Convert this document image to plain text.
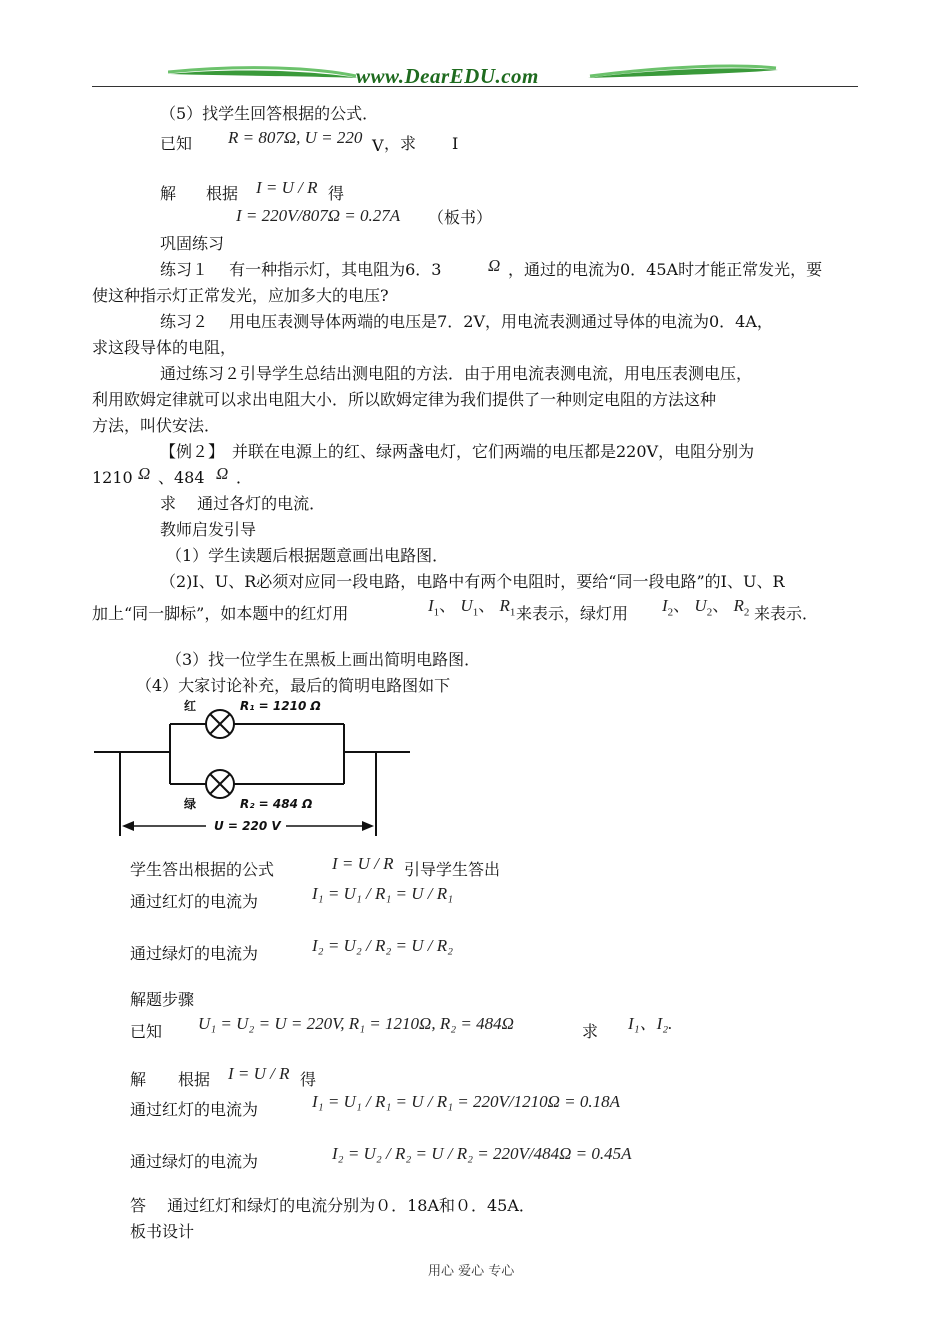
www.DearEDU.com
（5）找学生回答根据的公式．
已知 R = 807Ω, U = 220 V ，求 I
解 根据 I = U / R 得
I = 220V/807Ω = 0.27A （板书）
巩固练习
练习１　 有一种指示灯，其电阻为6．3	Ω ，通过的电流为0．45A时才能正常发光，要
使这种指示灯正常发光，应加多大的电压?
练习２　 用电压表测导体两端的电压是7．2V，用电流表测通过导体的电流为0．4A，
求这段导体的电阻，
通过练习２引导学生总结出测电阻的方法．由于用电流表测电流，用电压表测电压，
利用欧姆定律就可以求出电阻大小．所以欧姆定律为我们提供了一种则定电阻的方法这种
方法，叫伏安法．
【例２】　并联在电源上的红、绿两盏电灯，它们两端的电压都是220V，电阻分别为
1210 Ω 、484 Ω ．
求　 通过各灯的电流．
教师启发引导
（1）学生读题后根据题意画出电路图．
（2)I、U、R必须对应同一段电路，电路中有两个电阻时，要给“同一段电路”的I、U、R
加上“同一脚标”，如本题中的红灯用	$I_1$、 $U_1$、 $R_1$ 来表示，绿灯用 $I_2$、 $U_2$、 $R_2$ 来表示．
（3）找一位学生在黑板上画出简明电路图．
（4）大家讨论补充，最后的简明电路图如下
红	R₁ = 1210 Ω
绿	R₂ = 484 Ω
U = 220 V
学生答出根据的公式	I = U / R 引导学生答出
通过红灯的电流为	I₁ = U₁ / R₁ = U / R₁
通过绿灯的电流为	I₂ = U₂ / R₂ = U / R₂
解题步骤
已知 U₁ = U₂ = U = 220V, R₁ = 1210Ω, R₂ = 484Ω	求 I₁、I₂.
解 根据 I = U / R 得
通过红灯的电流为	I₁ = U₁ / R₁ = U / R₁ = 220V/1210Ω = 0.18A
通过绿灯的电流为	I₂ = U₂ / R₂ = U / R₂ = 220V/484Ω = 0.45A
答　 通过红灯和绿灯的电流分别为０．18A和０．45A．
板书设计
用心 爱心 专心
